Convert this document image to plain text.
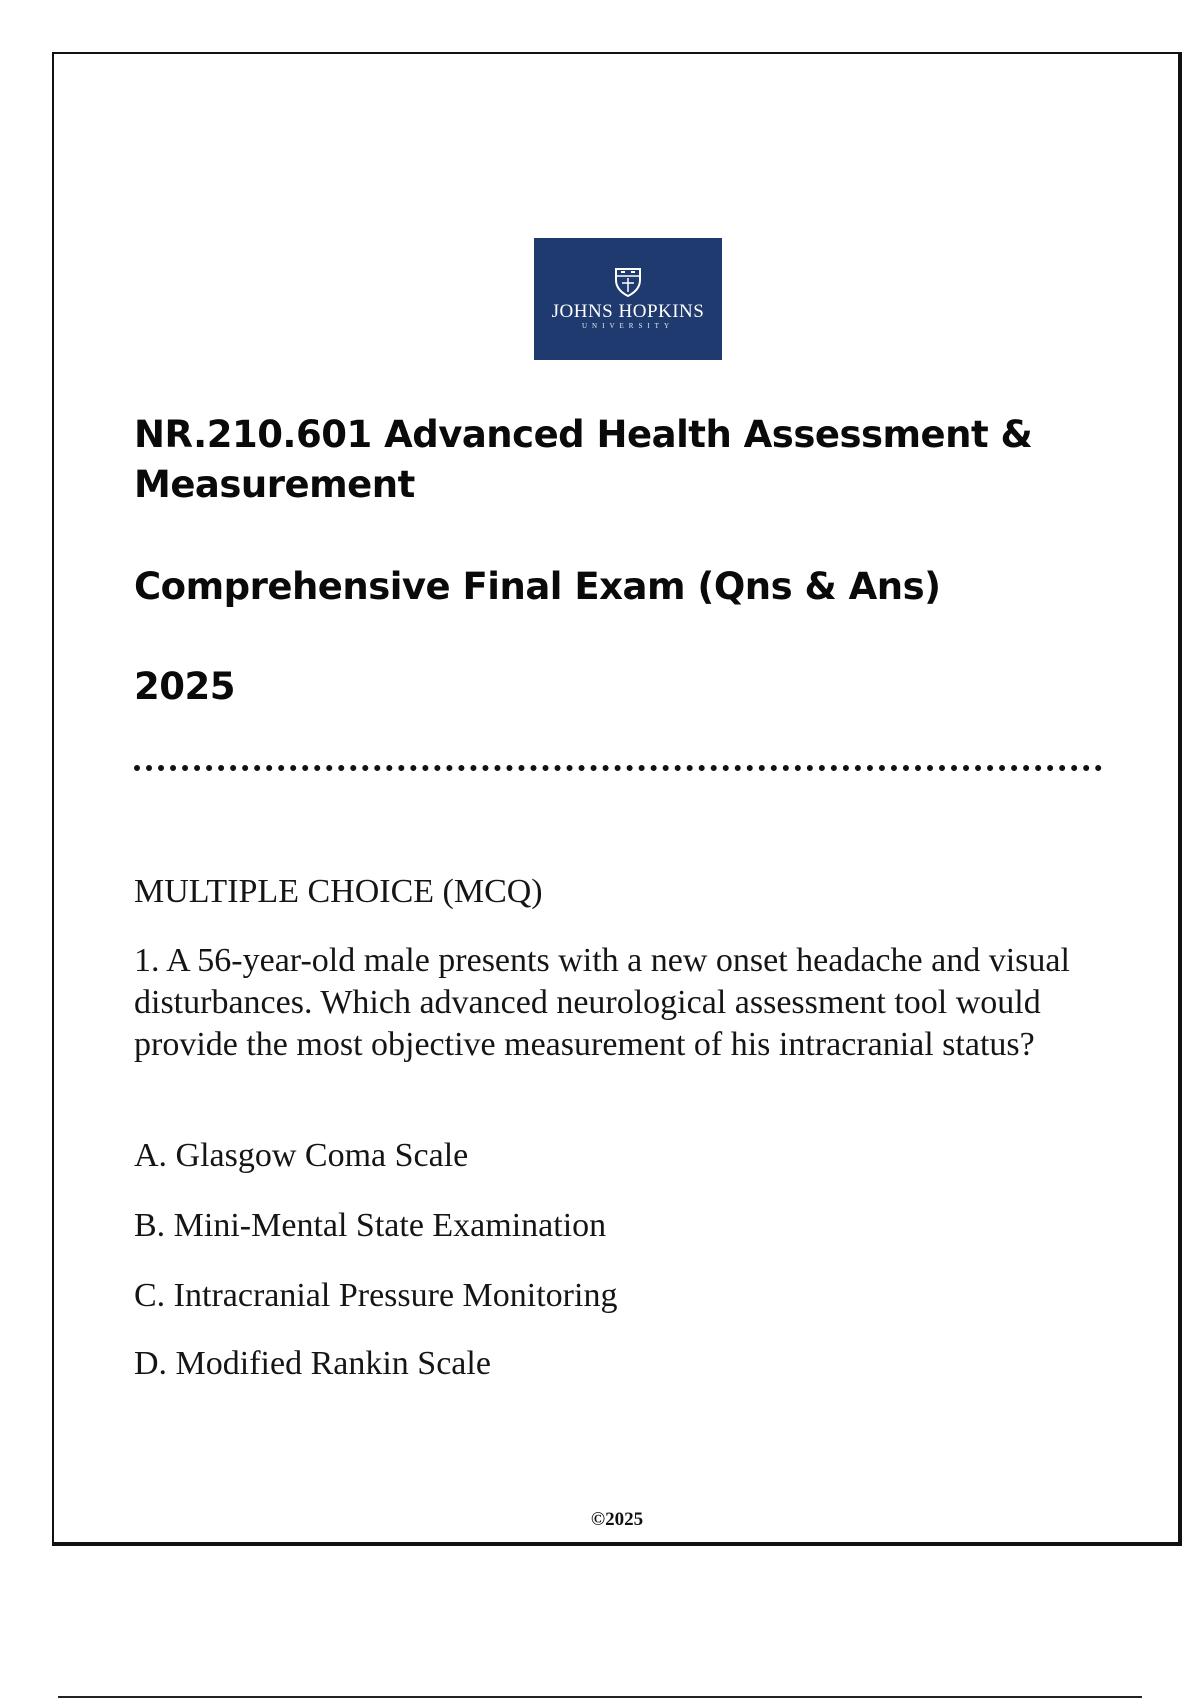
JOHNS HOPKINS
UNIVERSITY
NR.210.601 Advanced Health Assessment & Measurement
Comprehensive Final Exam (Qns & Ans)
2025

MULTIPLE CHOICE (MCQ)

1. A 56-year-old male presents with a new onset headache and visual disturbances. Which advanced neurological assessment tool would provide the most objective measurement of his intracranial status?

A. Glasgow Coma Scale

B. Mini-Mental State Examination

C. Intracranial Pressure Monitoring

D. Modified Rankin Scale

©2025
